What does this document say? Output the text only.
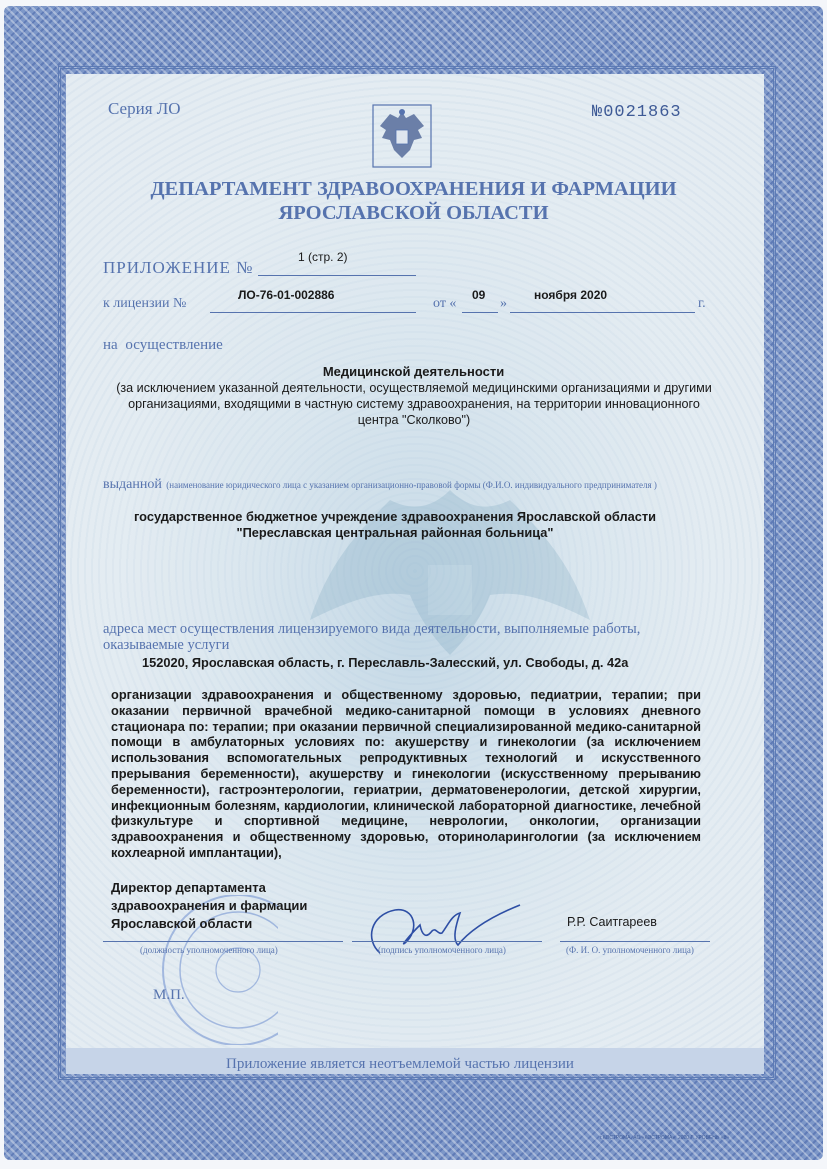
Серия ЛО	№0021863
ДЕПАРТАМЕНТ ЗДРАВООХРАНЕНИЯ И ФАРМАЦИИ
ЯРОСЛАВСКОЙ ОБЛАСТИ
ПРИЛОЖЕНИЕ №
1 (стр. 2)
к лицензии №
ЛО-76-01-002886
от «
09
»
ноября 2020
г.
на осуществление
Медицинской деятельности
(за исключением указанной деятельности, осуществляемой медицинскими организациями и другими организациями, входящими в частную систему здравоохранения, на территории инновационного центра "Сколково")
выданной (наименование юридического лица с указанием организационно-правовой формы (Ф.И.О. индивидуального предпринимателя )
государственное бюджетное учреждение здравоохранения Ярославской области
"Переславская центральная районная больница"
адреса мест осуществления лицензируемого вида деятельности, выполняемые работы, оказываемые услуги
152020, Ярославская область, г. Переславль-Залесский, ул. Свободы, д. 42а
организации здравоохранения и общественному здоровью, педиатрии, терапии; при оказании первичной врачебной медико-санитарной помощи в условиях дневного стационара по: терапии; при оказании первичной специализированной медико-санитарной помощи в амбулаторных условиях по: акушерству и гинекологии (за исключением использования вспомогательных репродуктивных технологий и искусственного прерывания беременности), акушерству и гинекологии (искусственному прерыванию беременности), гастроэнтерологии, гериатрии, дерматовенерологии, детской хирургии, инфекционным болезням, кардиологии, клинической лабораторной диагностике, лечебной физкультуре и спортивной медицине, неврологии, онкологии, организации здравоохранения и общественному здоровью, оториноларингологии (за исключением кохлеарной имплантации),
Директор департамента
здравоохранения и фармации
Ярославской области	Р.Р. Саитгареев
(должность уполномоченного лица)	(подпись уполномоченного лица)	(Ф. И. О. уполномоченного лица)
М.П.
Приложение является неотъемлемой частью лицензии
г.КОСТРОМА, АО «КОСТРОМА», 2020 Г. УРОВЕНЬ «В»
